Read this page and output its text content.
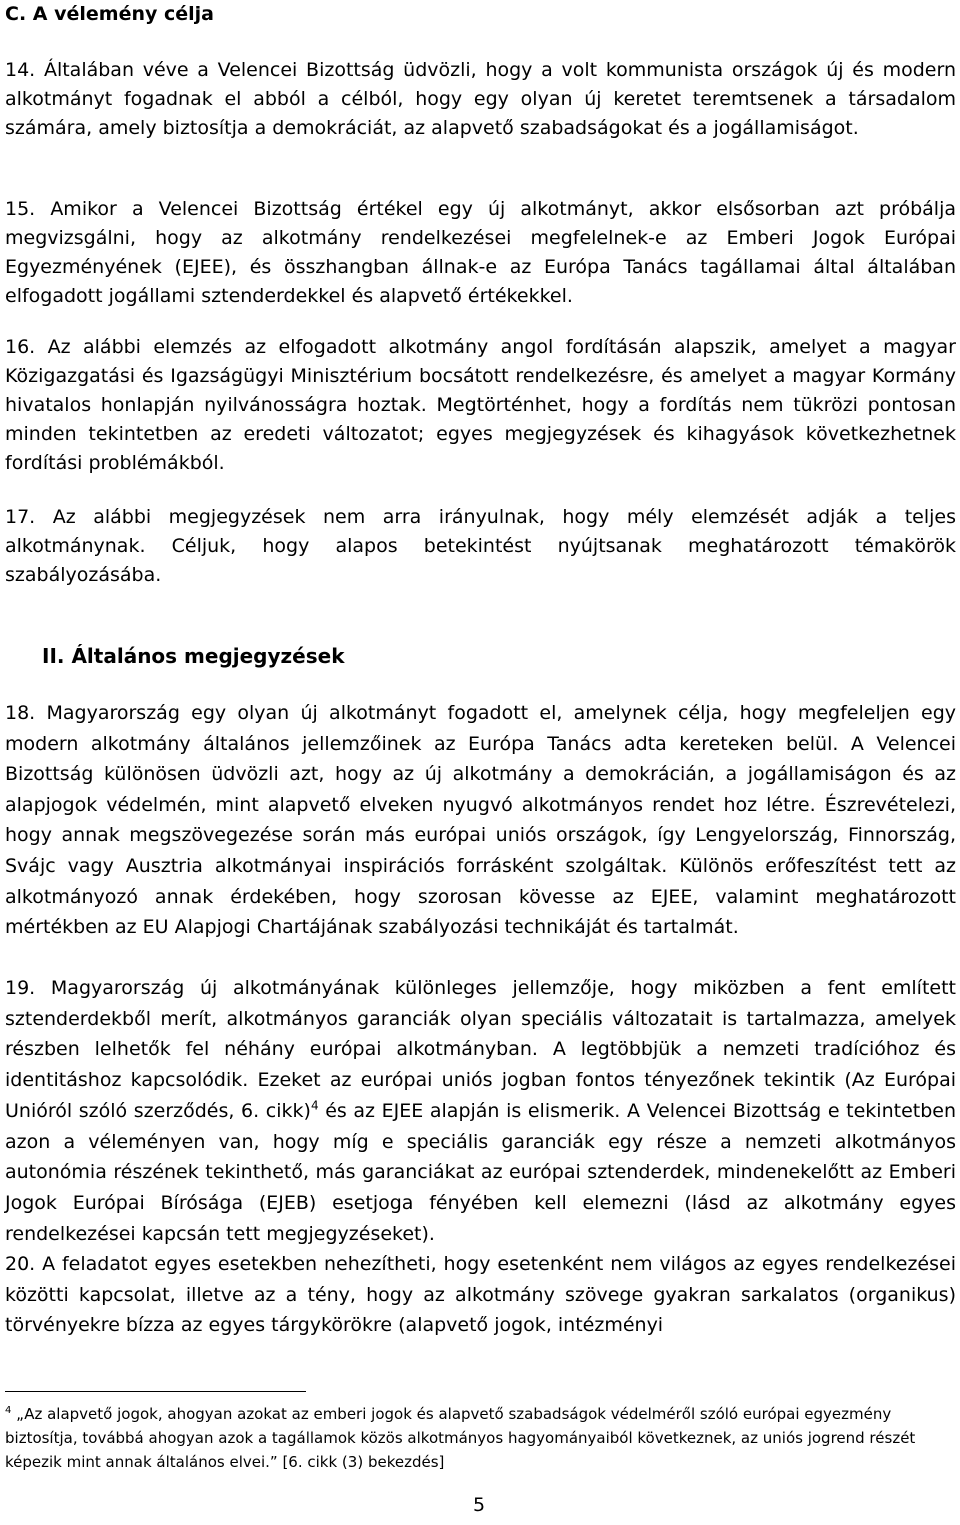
C. A vélemény célja

14. Általában véve a Velencei Bizottság üdvözli, hogy a volt kommunista országok új és modern alkotmányt fogadnak el abból a célból, hogy egy olyan új keretet teremtsenek a társadalom számára, amely biztosítja a demokráciát, az alapvető szabadságokat és a jogállamiságot.

15. Amikor a Velencei Bizottság értékel egy új alkotmányt, akkor elsősorban azt próbálja megvizsgálni, hogy az alkotmány rendelkezései megfelelnek-e az Emberi Jogok Európai Egyezményének (EJEE), és összhangban állnak-e az Európa Tanács tagállamai által általában elfogadott jogállami sztenderdekkel és alapvető értékekkel.

16. Az alábbi elemzés az elfogadott alkotmány angol fordításán alapszik, amelyet a magyar Közigazgatási és Igazságügyi Minisztérium bocsátott rendelkezésre, és amelyet a magyar Kormány hivatalos honlapján nyilvánosságra hoztak. Megtörténhet, hogy a fordítás nem tükrözi pontosan minden tekintetben az eredeti változatot; egyes megjegyzések és kihagyások következhetnek fordítási problémákból.

17. Az alábbi megjegyzések nem arra irányulnak, hogy mély elemzését adják a teljes alkotmánynak. Céljuk, hogy alapos betekintést nyújtsanak meghatározott témakörök szabályozásába.

II. Általános megjegyzések

18. Magyarország egy olyan új alkotmányt fogadott el, amelynek célja, hogy megfeleljen egy modern alkotmány általános jellemzőinek az Európa Tanács adta kereteken belül. A Velencei Bizottság különösen üdvözli azt, hogy az új alkotmány a demokrácián, a jogállamiságon és az alapjogok védelmén, mint alapvető elveken nyugvó alkotmányos rendet hoz létre. Észrevételezi, hogy annak megszövegezése során más európai uniós országok, így Lengyelország, Finnország, Svájc vagy Ausztria alkotmányai inspirációs forrásként szolgáltak. Különös erőfeszítést tett az alkotmányozó annak érdekében, hogy szorosan kövesse az EJEE, valamint meghatározott mértékben az EU Alapjogi Chartájának szabályozási technikáját és tartalmát.

19. Magyarország új alkotmányának különleges jellemzője, hogy miközben a fent említett sztenderdekből merít, alkotmányos garanciák olyan speciális változatait is tartalmazza, amelyek részben lelhetők fel néhány európai alkotmányban. A legtöbbjük a nemzeti tradícióhoz és identitáshoz kapcsolódik. Ezeket az európai uniós jogban fontos tényezőnek tekintik (Az Európai Unióról szóló szerződés, 6. cikk)$^4$ és az EJEE alapján is elismerik. A Velencei Bizottság e tekintetben azon a véleményen van, hogy míg e speciális garanciák egy része a nemzeti alkotmányos autonómia részének tekinthető, más garanciákat az európai sztenderdek, mindenekelőtt az Emberi Jogok Európai Bírósága (EJEB) esetjoga fényében kell elemezni (lásd az alkotmány egyes rendelkezései kapcsán tett megjegyzéseket).

20. A feladatot egyes esetekben nehezítheti, hogy esetenként nem világos az egyes rendelkezései közötti kapcsolat, illetve az a tény, hogy az alkotmány szövege gyakran sarkalatos (organikus) törvényekre bízza az egyes tárgykörökre (alapvető jogok, intézményi

$^4$ „Az alapvető jogok, ahogyan azokat az emberi jogok és alapvető szabadságok védelméről szóló európai egyezmény biztosítja, továbbá ahogyan azok a tagállamok közös alkotmányos hagyományaiból következnek, az uniós jogrend részét képezik mint annak általános elvei.” [6. cikk (3) bekezdés]

5
